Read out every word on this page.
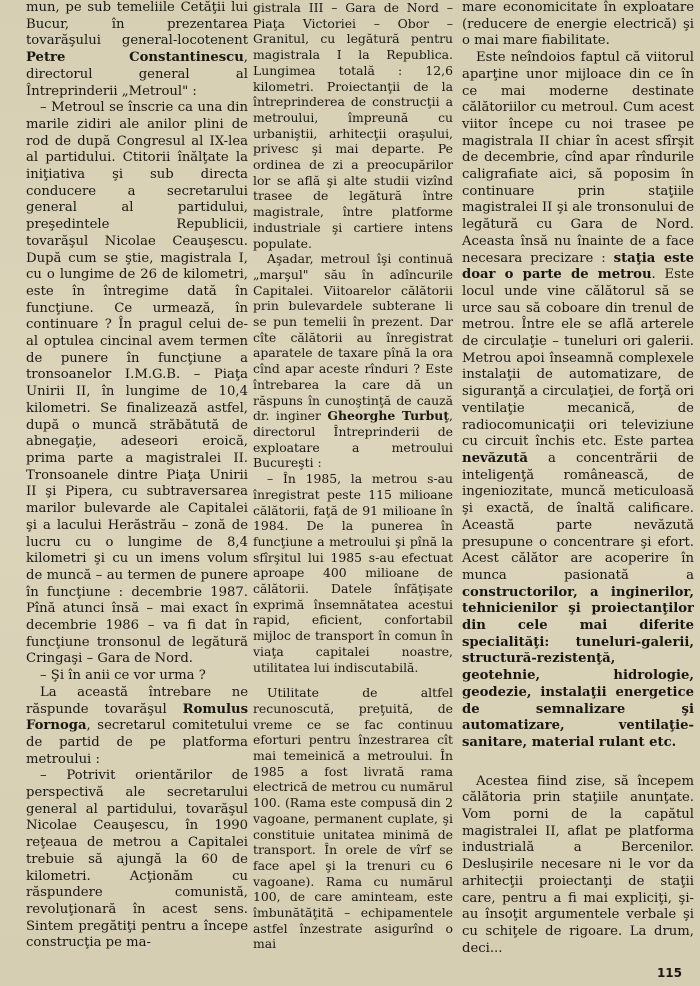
mun, pe sub temeliile Cetăţii lui Bucur, în prezentarea tovarăşului general-locotenent Petre Constantinescu, directorul general al Întreprinderii „Metroul" :

– Metroul se înscrie ca una din marile zidiri ale anilor plini de rod de după Congresul al IX-lea al partidului. Ctitorii înălţate la iniţiativa şi sub directa conducere a secretarului general al partidului, preşedintele Republicii, tovarăşul Nicolae Ceauşescu. După cum se ştie, magistrala I, cu o lungime de 26 de kilometri, este în întregime dată în funcţiune. Ce urmează, în continuare ? În pragul celui de-al optulea cincinal avem termen de punere în funcţiune a tronsoanelor I.M.G.B. – Piaţa Unirii II, în lungime de 10,4 kilometri. Se finalizează astfel, după o muncă străbătută de abnegaţie, adeseori eroică, prima parte a magistralei II. Tronsoanele dintre Piaţa Unirii II şi Pipera, cu subtraversarea marilor bulevarde ale Capitalei şi a lacului Herăstrău – zonă de lucru cu o lungime de 8,4 kilometri şi cu un imens volum de muncă – au termen de punere în funcţiune : decembrie 1987. Pînă atunci însă – mai exact în decembrie 1986 – va fi dat în funcţiune tronsonul de legătură Cringaşi – Gara de Nord.

– Şi în anii ce vor urma ?

La această întrebare ne răspunde tovarăşul Romulus Fornoga, secretarul comitetului de partid de pe platforma metroului :

– Potrivit orientărilor de perspectivă ale secretarului general al partidului, tovarăşul Nicolae Ceauşescu, în 1990 reţeaua de metrou a Capitalei trebuie să ajungă la 60 de kilometri. Acţionăm cu răspundere comunistă, revoluţionară în acest sens. Sintem pregătiţi pentru a începe construcţia pe ma-

gistrala III – Gara de Nord – Piaţa Victoriei – Obor – Granitul, cu legătură pentru magistrala I la Republica. Lungimea totală : 12,6 kilometri. Proiectanţii de la întreprinderea de construcţii a metroului, împreună cu urbaniştii, arhitecţii oraşului, privesc şi mai departe. Pe ordinea de zi a preocupărilor lor se află şi alte studii vizînd trasee de legătură între magistrale, între platforme industriale şi cartiere intens populate.

Aşadar, metroul îşi continuă „marşul" său în adîncurile Capitalei. Viitoarelor călătorii prin bulevardele subterane li se pun temelii în prezent. Dar cîte călătorii au înregistrat aparatele de taxare pînă la ora cînd apar aceste rînduri ? Este întrebarea la care dă un răspuns în cunoştinţă de cauză dr. inginer Gheorghe Turbuţ, directorul Întreprinderii de exploatare a metroului Bucureşti :

– În 1985, la metrou s-au înregistrat peste 115 milioane călătorii, faţă de 91 milioane în 1984. De la punerea în funcţiune a metroului şi pînă la sfîrşitul lui 1985 s-au efectuat aproape 400 milioane de călătorii. Datele înfăţişate exprimă însemnătatea acestui rapid, eficient, confortabil mijloc de transport în comun în viaţa capitalei noastre, utilitatea lui indiscutabilă.

Utilitate de altfel recunoscută, preţuită, de vreme ce se fac continuu eforturi pentru înzestrarea cît mai temeinică a metroului. În 1985 a fost livrată rama electrică de metrou cu numărul 100. (Rama este compusă din 2 vagoane, permanent cuplate, şi constituie unitatea minimă de transport. În orele de vîrf se face apel şi la trenuri cu 6 vagoane). Rama cu numărul 100, de care aminteam, este îmbunătăţită – echipamentele astfel înzestrate asigurînd o mai

mare economicitate în exploatare (reducere de energie electrică) şi o mai mare fiabilitate.

Este neîndoios faptul că viitorul aparţine unor mijloace din ce în ce mai moderne destinate călătoriilor cu metroul. Cum acest viitor începe cu noi trasee pe magistrala II chiar în acest sfîrşit de decembrie, cînd apar rîndurile caligrafiate aici, să poposim în continuare prin staţiile magistralei II şi ale tronsonului de legătură cu Gara de Nord. Aceasta însă nu înainte de a face necesara precizare : staţia este doar o parte de metrou. Este locul unde vine călătorul să se urce sau să coboare din trenul de metrou. Între ele se află arterele de circulaţie – tuneluri ori galerii. Metrou apoi înseamnă complexele instalaţii de automatizare, de siguranţă a circulaţiei, de forţă ori ventilaţie mecanică, de radiocomunicaţii ori televiziune cu circuit închis etc. Este partea nevăzută a concentrării de inteligenţă românească, de ingeniozitate, muncă meticuloasă şi exactă, de înaltă calificare. Această parte nevăzută presupune o concentrare şi efort. Acest călător are acoperire în munca pasionată a constructorilor, a inginerilor, tehnicienilor şi proiectanţilor din cele mai diferite specialităţi: tuneluri-galerii, structură-rezistenţă, geotehnie, hidrologie, geodezie, instalaţii energetice de semnalizare şi automatizare, ventilaţie-sanitare, material rulant etc.

Acestea fiind zise, să începem călătoria prin staţiile anunţate. Vom porni de la capătul magistralei II, aflat pe platforma industrială a Bercenilor. Deslușirile necesare ni le vor da arhitecţii proiectanţi de staţii care, pentru a fi mai expliciţi, şi-au însoţit argumentele verbale şi cu schiţele de rigoare. La drum, deci...

115
